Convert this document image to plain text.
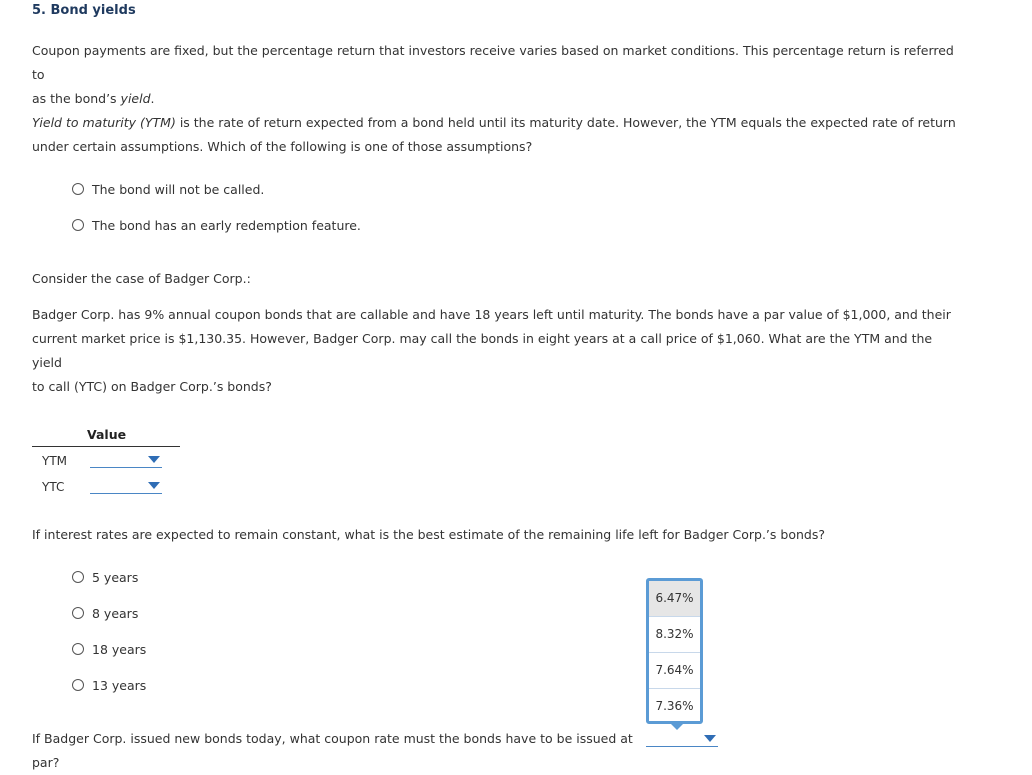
5. Bond yields
Coupon payments are fixed, but the percentage return that investors receive varies based on market conditions. This percentage return is referred to
as the bond’s yield.
Yield to maturity (YTM) is the rate of return expected from a bond held until its maturity date. However, the YTM equals the expected rate of return
under certain assumptions. Which of the following is one of those assumptions?
The bond will not be called.
The bond has an early redemption feature.
Consider the case of Badger Corp.:
Badger Corp. has 9% annual coupon bonds that are callable and have 18 years left until maturity. The bonds have a par value of $1,000, and their
current market price is $1,130.35. However, Badger Corp. may call the bonds in eight years at a call price of $1,060. What are the YTM and the yield
to call (YTC) on Badger Corp.’s bonds?
Value
YTM
YTC
If interest rates are expected to remain constant, what is the best estimate of the remaining life left for Badger Corp.’s bonds?
5 years
8 years
18 years
13 years
6.47%
8.32%
7.64%
7.36%
If Badger Corp. issued new bonds today, what coupon rate must the bonds have to be issued at par?
